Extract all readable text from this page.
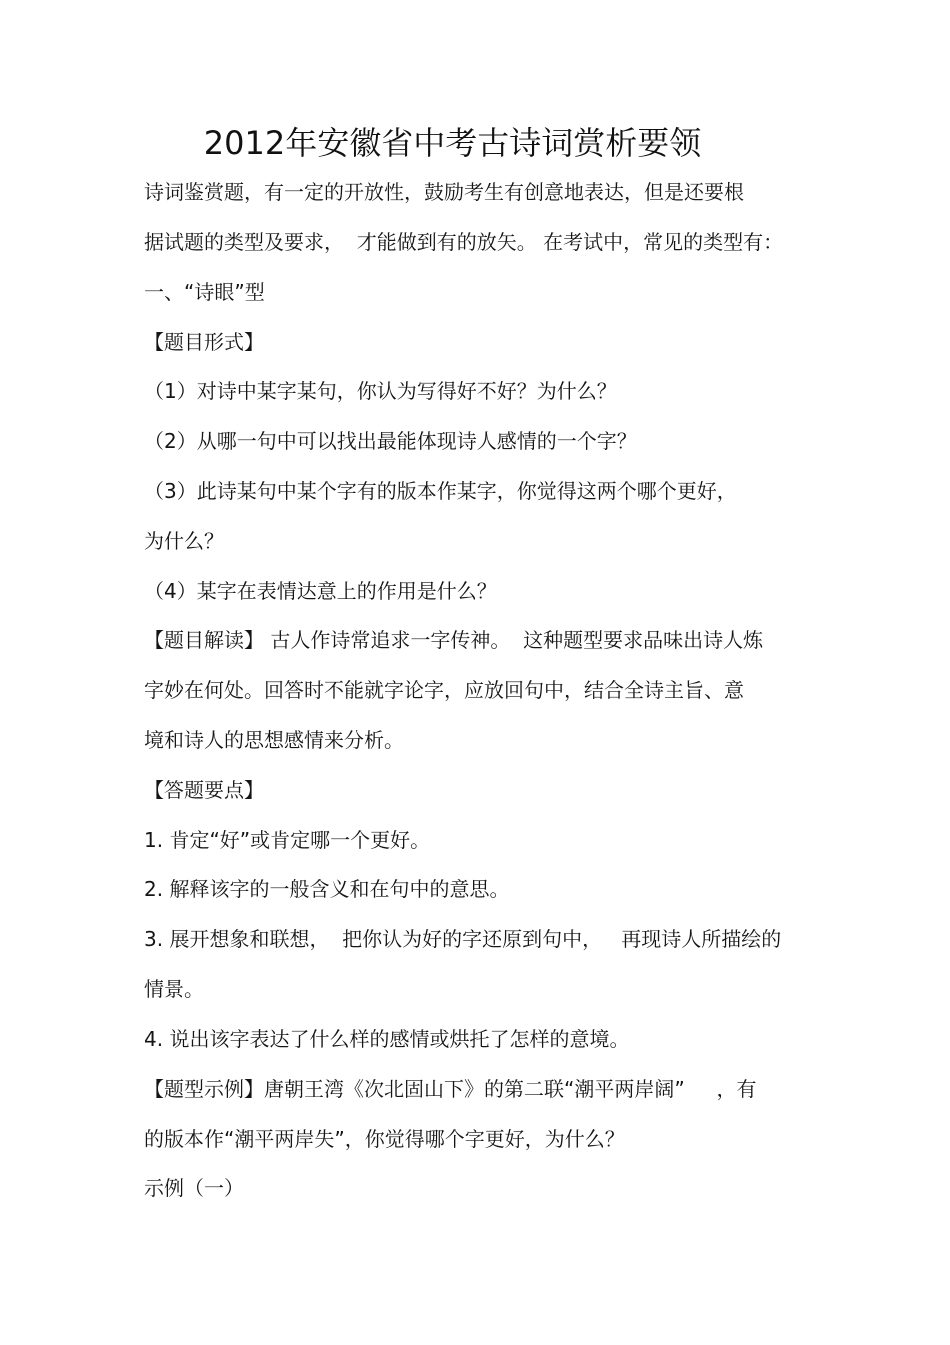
2012年安徽省中考古诗词赏析要领
诗词鉴赏题，有一定的开放性，鼓励考生有创意地表达，但是还要根
据试题的类型及要求，  才能做到有的放矢。 在考试中，常见的类型有：
一、“诗眼”型
【题目形式】
（1）对诗中某字某句，你认为写得好不好？为什么？
（2）从哪一句中可以找出最能体现诗人感情的一个字？
（3）此诗某句中某个字有的版本作某字，你觉得这两个哪个更好，
为什么？
（4）某字在表情达意上的作用是什么？
【题目解读】 古人作诗常追求一字传神。  这种题型要求品味出诗人炼
字妙在何处。回答时不能就字论字，应放回句中，结合全诗主旨、意
境和诗人的思想感情来分析。
【答题要点】
1. 肯定“好”或肯定哪一个更好。
2. 解释该字的一般含义和在句中的意思。
3. 展开想象和联想，  把你认为好的字还原到句中，   再现诗人所描绘的
情景。
4. 说出该字表达了什么样的感情或烘托了怎样的意境。
【题型示例】唐朝王湾《次北固山下》的第二联“潮平两岸阔”     ，有
的版本作“潮平两岸失”，你觉得哪个字更好，为什么？
示例（一）
